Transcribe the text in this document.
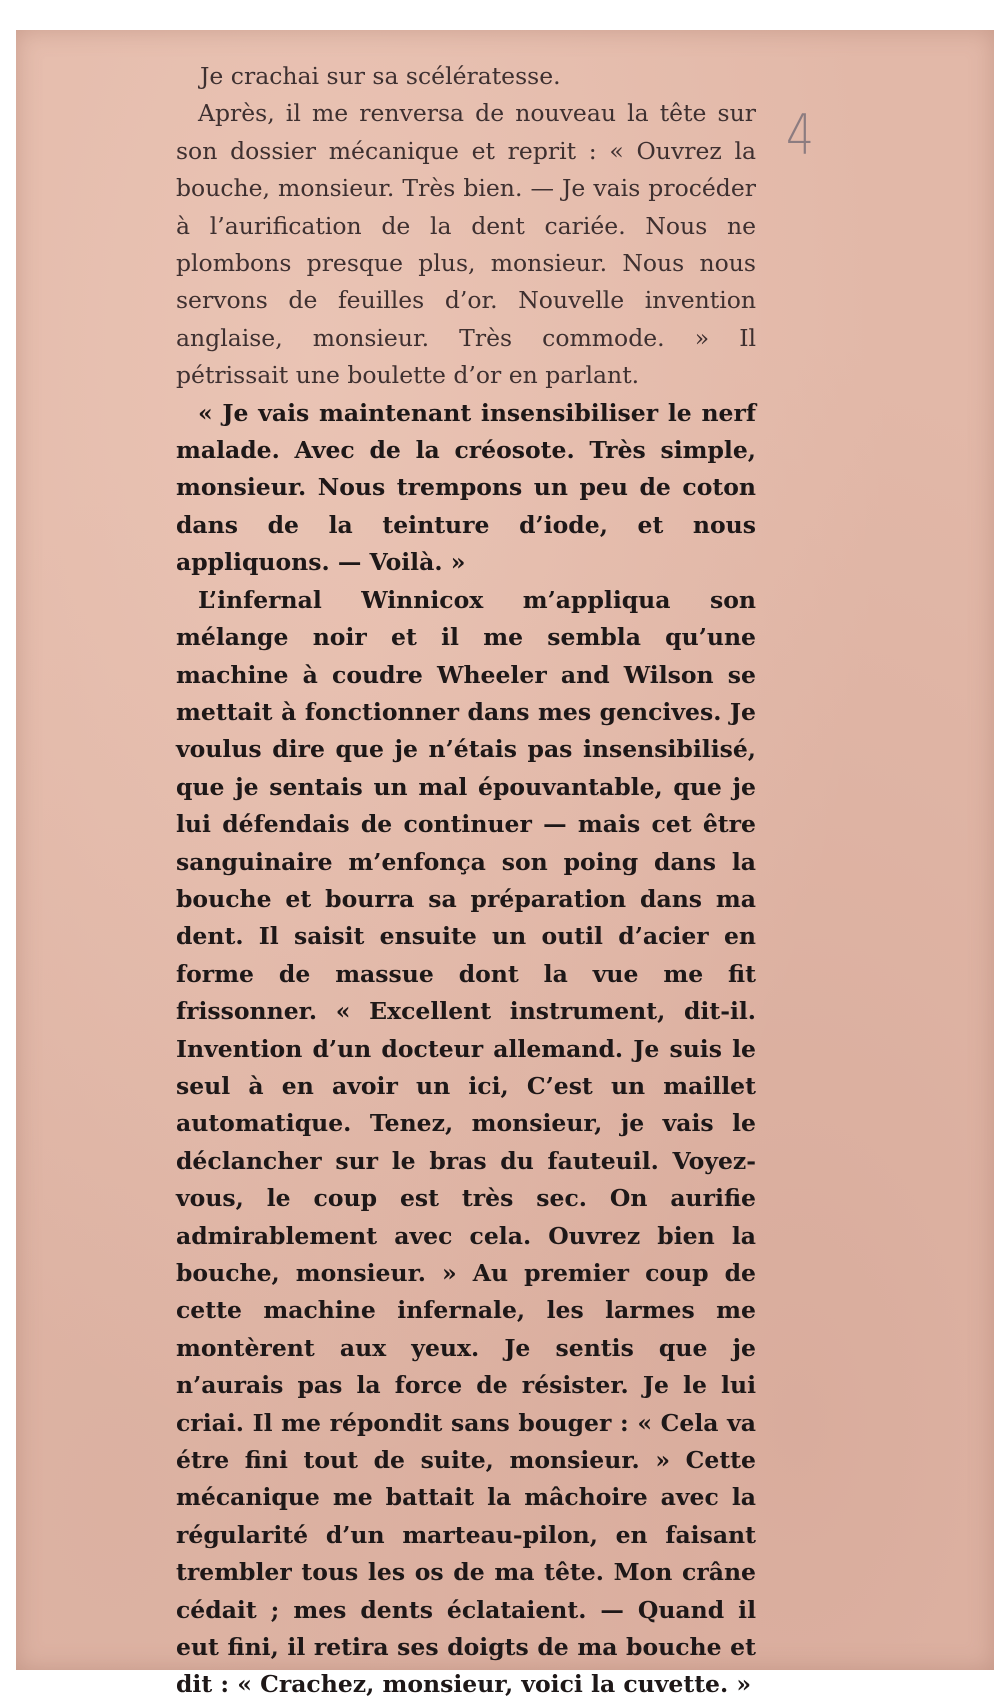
4

Je crachai sur sa scélératesse.

Après, il me renversa de nouveau la tête sur son dossier mécanique et reprit : « Ouvrez la bouche, monsieur. Très bien. — Je vais procéder à l’aurification de la dent cariée. Nous ne plombons presque plus, monsieur. Nous nous servons de feuilles d’or. Nouvelle invention anglaise, monsieur. Très commode. » Il pétrissait une boulette d’or en parlant.

« Je vais maintenant insensibiliser le nerf malade. Avec de la créosote. Très simple, monsieur. Nous trempons un peu de coton dans de la teinture d’iode, et nous appliquons. — Voilà. »

L’infernal Winnicox m’appliqua son mélange noir et il me sembla qu’une machine à coudre Wheeler and Wilson se mettait à fonctionner dans mes gencives. Je voulus dire que je n’étais pas insensibilisé, que je sentais un mal épouvantable, que je lui défendais de continuer — mais cet être sanguinaire m’enfonça son poing dans la bouche et bourra sa préparation dans ma dent. Il saisit ensuite un outil d’acier en forme de massue dont la vue me fit frissonner. « Excellent instrument, dit-il. Invention d’un docteur allemand. Je suis le seul à en avoir un ici, C’est un maillet automatique. Tenez, monsieur, je vais le déclancher sur le bras du fauteuil. Voyez-vous, le coup est très sec. On aurifie admirablement avec cela. Ouvrez bien la bouche, monsieur. » Au premier coup de cette machine infernale, les larmes me montèrent aux yeux. Je sentis que je n’aurais pas la force de résister. Je le lui criai. Il me répondit sans bouger : « Cela va étre fini tout de suite, monsieur. » Cette mécanique me battait la mâchoire avec la régularité d’un marteau-pilon, en faisant trembler tous les os de ma tête. Mon crâne cédait ; mes dents éclataient. — Quand il eut fini, il retira ses doigts de ma bouche et dit : « Crachez, monsieur, voici la cuvette. »
